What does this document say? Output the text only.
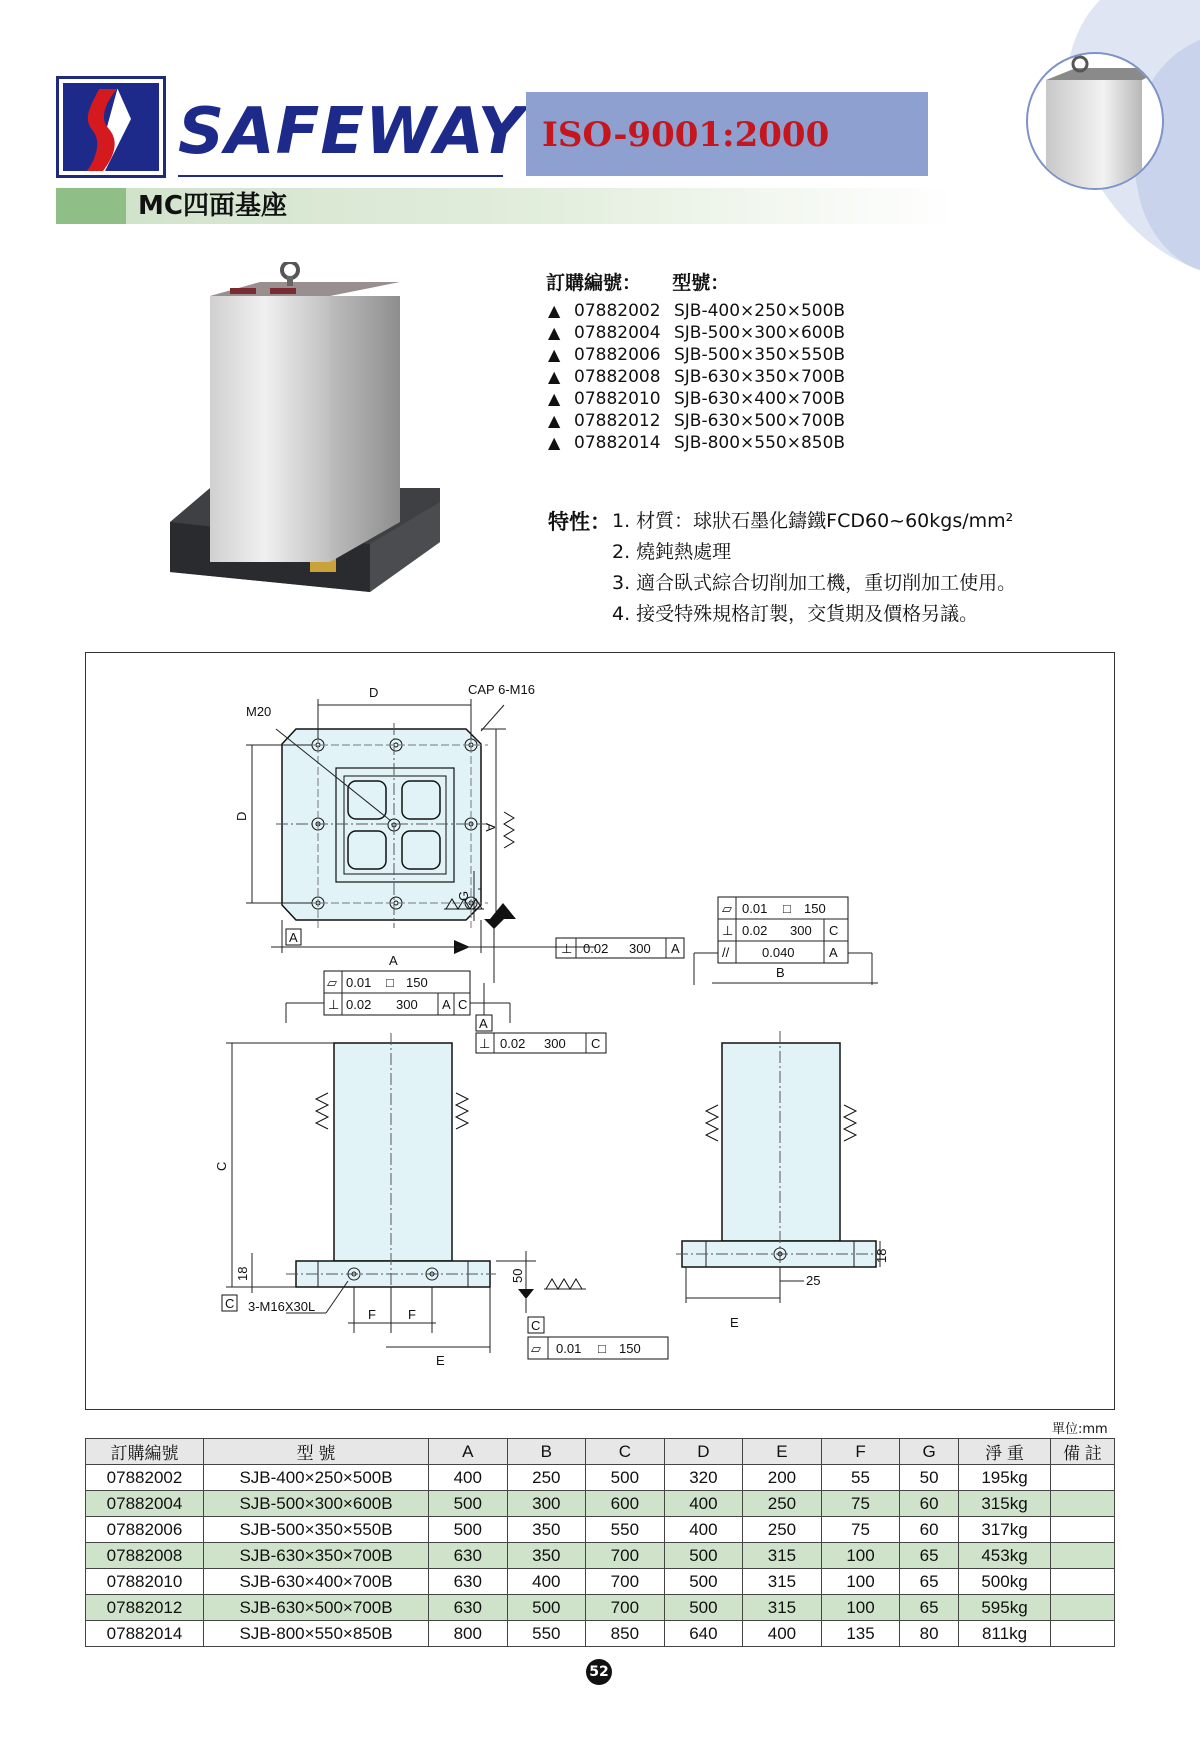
SAFEWAY ISO-9001:2000
MC四面基座
訂購編號： 型號：
▲ 07882002 SJB-400×250×500B
▲ 07882004 SJB-500×300×600B
▲ 07882006 SJB-500×350×550B
▲ 07882008 SJB-630×350×700B
▲ 07882010 SJB-630×400×700B
▲ 07882012 SJB-630×500×700B
▲ 07882014 SJB-800×550×850B
特性： 1. 材質：球狀石墨化鑄鐵FCD60~60kgs/mm²
2. 燒鈍熱處理
3. 適合臥式綜合切削加工機，重切削加工使用。
4. 接受特殊規格訂製，交貨期及價格另議。
D	CAP 6-M16
M20
D
A
G
A
A
⊥ 0.02 300 A
▱ 0.01 □ 150
⊥ 0.02 300 A C
A
⊥ 0.02 300 C
C
18	50
3-M16X30L
F F
E
C
C
▱ 0.01 □ 150
▱ 0.01 □ 150
⊥ 0.02 300 C
//	0.040	A
B
E
25
18
單位:mm
訂購編號	型 號	A	B	C	D	E	F	G	淨 重	備 註
07882002	SJB-400×250×500B	400	250	500	320	200	55	50	195kg	
07882004	SJB-500×300×600B	500	300	600	400	250	75	60	315kg	
07882006	SJB-500×350×550B	500	350	550	400	250	75	60	317kg	
07882008	SJB-630×350×700B	630	350	700	500	315	100	65	453kg	
07882010	SJB-630×400×700B	630	400	700	500	315	100	65	500kg	
07882012	SJB-630×500×700B	630	500	700	500	315	100	65	595kg	
07882014	SJB-800×550×850B	800	550	850	640	400	135	80	811kg	
52
